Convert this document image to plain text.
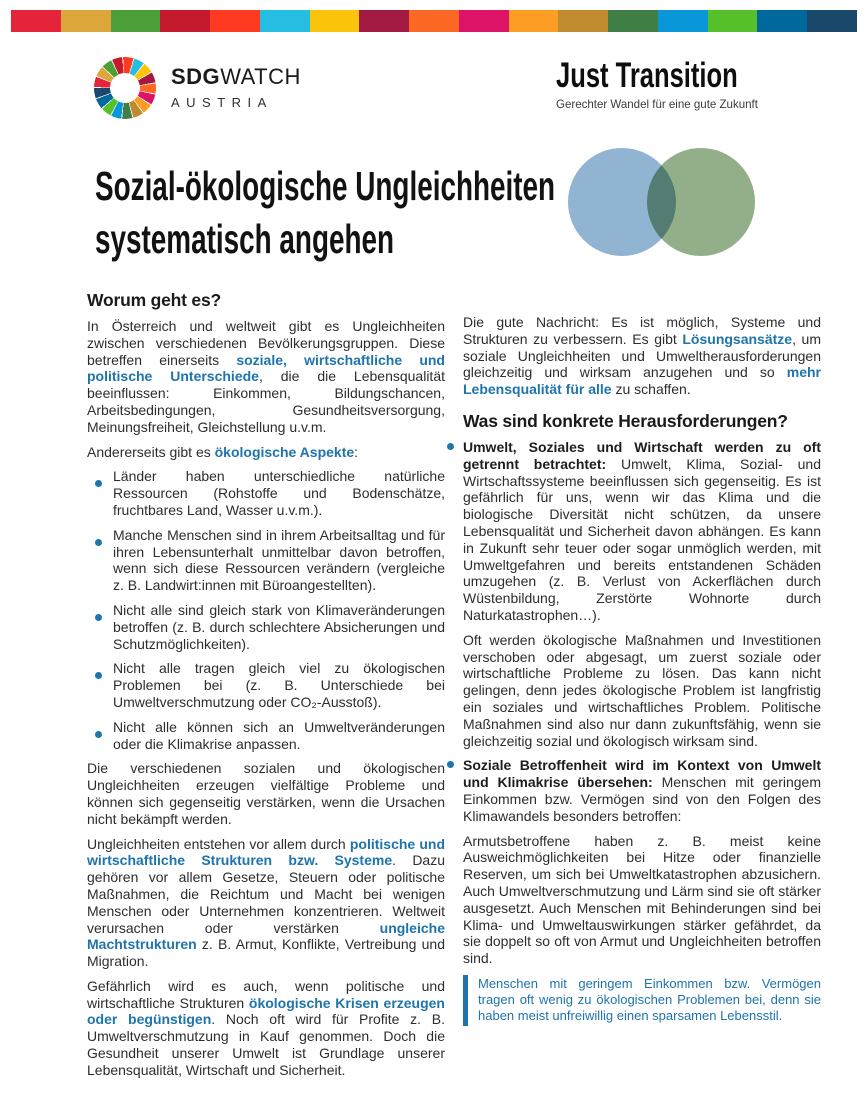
SDGWATCH
AUSTRIA
Just Transition
Gerechter Wandel für eine gute Zukunft
Sozial-ökologische Ungleichheiten
systematisch angehen
Worum geht es?

In Österreich und weltweit gibt es Ungleichheiten zwischen verschiedenen Bevölkerungsgruppen. Diese betreffen einerseits soziale, wirtschaftliche und politische Unterschiede, die die Lebensqualität beeinflussen: Einkommen, Bildungschancen, Arbeitsbedingungen, Gesundheitsversorgung, Meinungsfreiheit, Gleichstellung u.v.m.

Andererseits gibt es ökologische Aspekte:

Länder haben unterschiedliche natürliche Ressourcen (Rohstoffe und Bodenschätze, fruchtbares Land, Wasser u.v.m.).
Manche Menschen sind in ihrem Arbeitsalltag und für ihren Lebensunterhalt unmittelbar davon betroffen, wenn sich diese Ressourcen verändern (vergleiche z. B. Landwirt:innen mit Büroangestellten).
Nicht alle sind gleich stark von Klimaveränderungen betroffen (z. B. durch schlechtere Absicherungen und Schutzmöglichkeiten).
Nicht alle tragen gleich viel zu ökologischen Problemen bei (z. B. Unterschiede bei Umweltverschmutzung oder CO₂-Ausstoß).
Nicht alle können sich an Umweltveränderungen oder die Klimakrise anpassen.

Die verschiedenen sozialen und ökologischen Ungleichheiten erzeugen vielfältige Probleme und können sich gegenseitig verstärken, wenn die Ursachen nicht bekämpft werden.

Ungleichheiten entstehen vor allem durch politische und wirtschaftliche Strukturen bzw. Systeme. Dazu gehören vor allem Gesetze, Steuern oder politische Maßnahmen, die Reichtum und Macht bei wenigen Menschen oder Unternehmen konzentrieren. Weltweit verursachen oder verstärken ungleiche Machtstrukturen z. B. Armut, Konflikte, Vertreibung und Migration.

Gefährlich wird es auch, wenn politische und wirtschaftliche Strukturen ökologische Krisen erzeugen oder begünstigen. Noch oft wird für Profite z. B. Umweltverschmutzung in Kauf genommen. Doch die Gesundheit unserer Umwelt ist Grundlage unserer Lebensqualität, Wirtschaft und Sicherheit.

Die gute Nachricht: Es ist möglich, Systeme und Strukturen zu verbessern. Es gibt Lösungsansätze, um soziale Ungleichheiten und Umweltherausforderungen gleichzeitig und wirksam anzugehen und so mehr Lebensqualität für alle zu schaffen.

Was sind konkrete Herausforderungen?

Umwelt, Soziales und Wirtschaft werden zu oft getrennt betrachtet: Umwelt, Klima, Sozial- und Wirtschaftssysteme beeinflussen sich gegenseitig. Es ist gefährlich für uns, wenn wir das Klima und die biologische Diversität nicht schützen, da unsere Lebensqualität und Sicherheit davon abhängen. Es kann in Zukunft sehr teuer oder sogar unmöglich werden, mit Umweltgefahren und bereits entstandenen Schäden umzugehen (z. B. Verlust von Ackerflächen durch Wüstenbildung, Zerstörte Wohnorte durch Naturkatastrophen…).

Oft werden ökologische Maßnahmen und Investitionen verschoben oder abgesagt, um zuerst soziale oder wirtschaftliche Probleme zu lösen. Das kann nicht gelingen, denn jedes ökologische Problem ist langfristig ein soziales und wirtschaftliches Problem. Politische Maßnahmen sind also nur dann zukunftsfähig, wenn sie gleichzeitig sozial und ökologisch wirksam sind.

Soziale Betroffenheit wird im Kontext von Umwelt und Klimakrise übersehen: Menschen mit geringem Einkommen bzw. Vermögen sind von den Folgen des Klimawandels besonders betroffen:

Armutsbetroffene haben z. B. meist keine Ausweichmöglichkeiten bei Hitze oder finanzielle Reserven, um sich bei Umweltkatastrophen abzusichern. Auch Umweltverschmutzung und Lärm sind sie oft stärker ausgesetzt. Auch Menschen mit Behinderungen sind bei Klima- und Umweltauswirkungen stärker gefährdet, da sie doppelt so oft von Armut und Ungleichheiten betroffen sind.

Menschen mit geringem Einkommen bzw. Vermögen tragen oft wenig zu ökologischen Problemen bei, denn sie haben meist unfreiwillig einen sparsamen Lebensstil.
